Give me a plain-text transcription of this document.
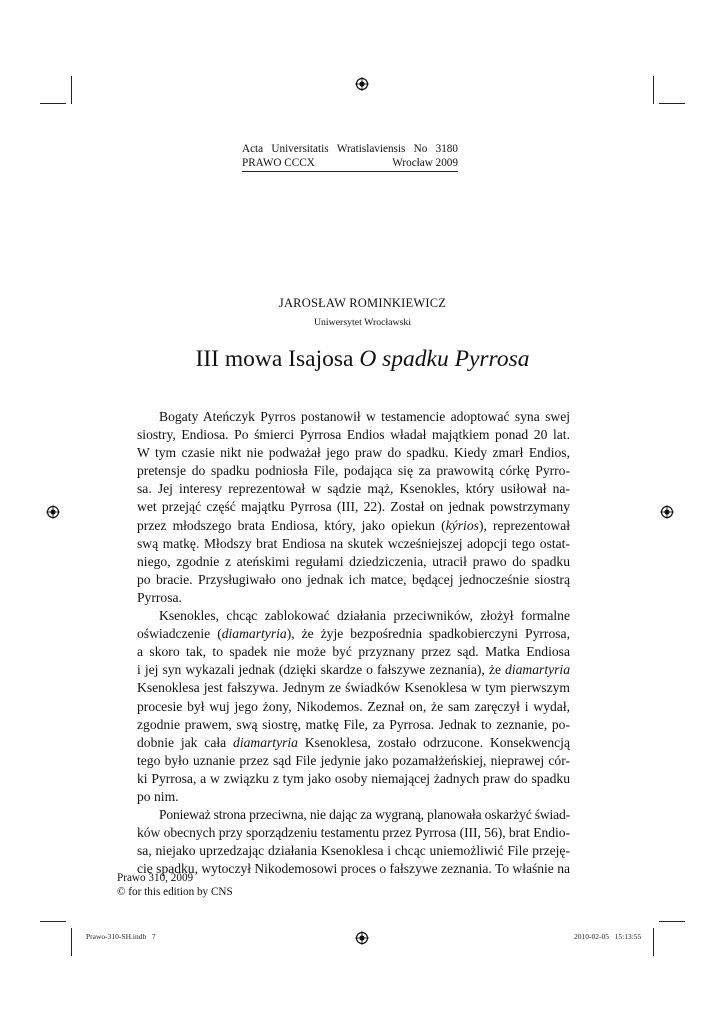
Acta Universitatis Wratislaviensis No 3180
PRAWO CCCX	Wrocław 2009
JAROSŁAW ROMINKIEWICZ
Uniwersytet Wrocławski
III mowa Isajosa O spadku Pyrrosa
Bogaty Ateńczyk Pyrros postanowił w testamencie adoptować syna swej
siostry, Endiosa. Po śmierci Pyrrosa Endios władał majątkiem ponad 20 lat.
W tym czasie nikt nie podważał jego praw do spadku. Kiedy zmarł Endios,
pretensje do spadku podniosła File, podająca się za prawowitą córkę Pyrro-
sa. Jej interesy reprezentował w sądzie mąż, Ksenokles, który usiłował na-
wet przejąć część majątku Pyrrosa (III, 22). Został on jednak powstrzymany
przez młodszego brata Endiosa, który, jako opiekun (kýrios), reprezentował
swą matkę. Młodszy brat Endiosa na skutek wcześniejszej adopcji tego ostat-
niego, zgodnie z ateńskimi regułami dziedziczenia, utracił prawo do spadku
po bracie. Przysługiwało ono jednak ich matce, będącej jednocześnie siostrą
Pyrrosa.
Ksenokles, chcąc zablokować działania przeciwników, złożył formalne
oświadczenie (diamartyria), że żyje bezpośrednia spadkobierczyni Pyrrosa,
a skoro tak, to spadek nie może być przyznany przez sąd. Matka Endiosa
i jej syn wykazali jednak (dzięki skardze o fałszywe zeznania), że diamartyria
Ksenoklesa jest fałszywa. Jednym ze świadków Ksenoklesa w tym pierwszym
procesie był wuj jego żony, Nikodemos. Zeznał on, że sam zaręczył i wydał,
zgodnie prawem, swą siostrę, matkę File, za Pyrrosa. Jednak to zeznanie, po-
dobnie jak cała diamartyria Ksenoklesa, zostało odrzucone. Konsekwencją
tego było uznanie przez sąd File jedynie jako pozamałżeńskiej, nieprawej cór-
ki Pyrrosa, a w związku z tym jako osoby niemającej żadnych praw do spadku
po nim.
Ponieważ strona przeciwna, nie dając za wygraną, planowała oskarżyć świad-
ków obecnych przy sporządzeniu testamentu przez Pyrrosa (III, 56), brat Endio-
sa, niejako uprzedzając działania Ksenoklesa i chcąc uniemożliwić File przeję-
cie spadku, wytoczył Nikodemosowi proces o fałszywe zeznania. To właśnie na
Prawo 310, 2009
© for this edition by CNS
Prawo-310-SH.indb   7	2010-02-05   15:13:55
